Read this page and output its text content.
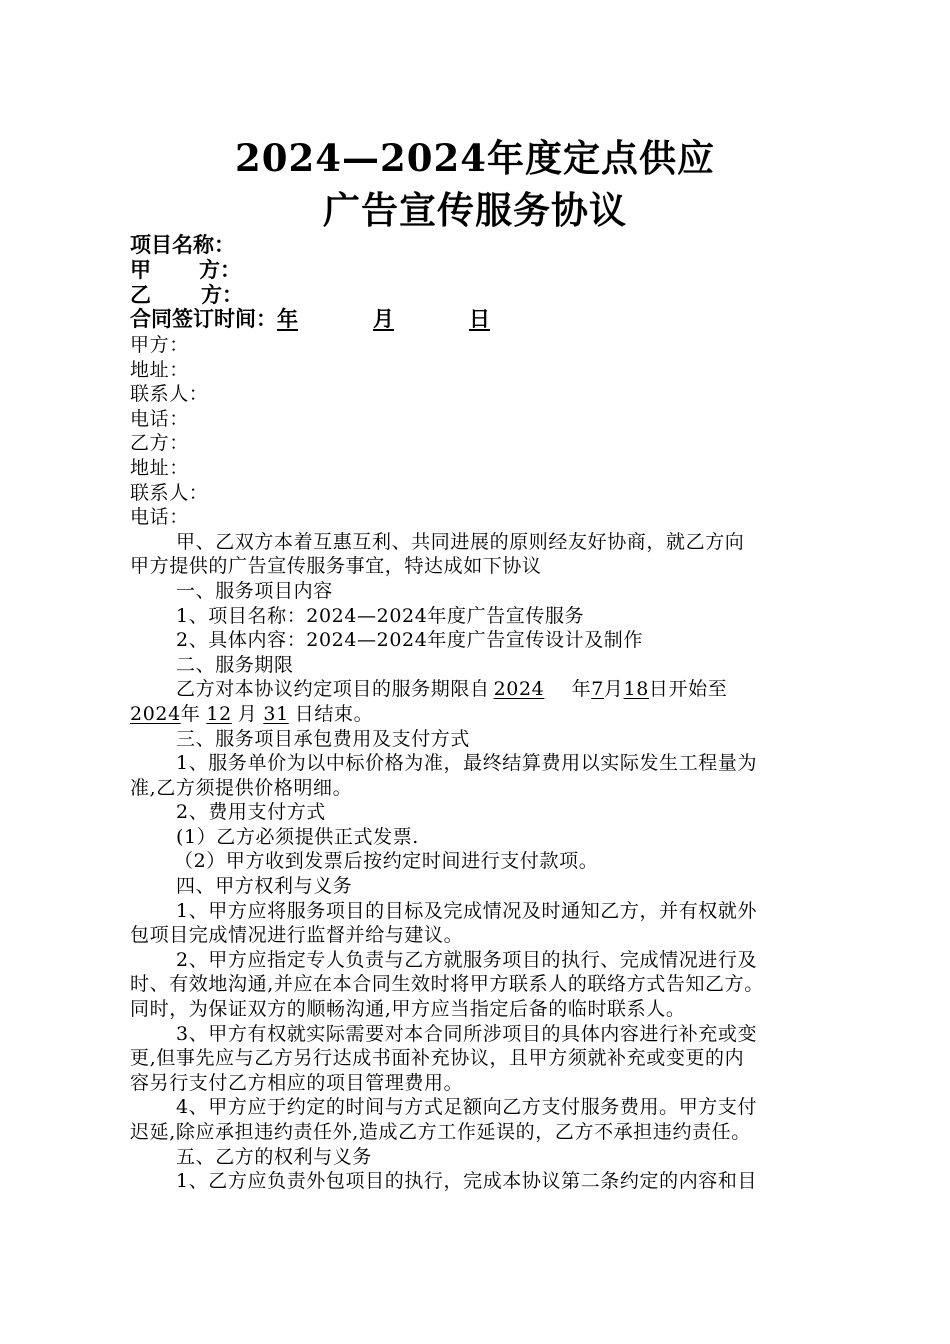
2024—2024年度定点供应
广告宣传服务协议
项目名称：
甲 方：
乙 方：
合同签订时间：年	月	日
甲方：
地址：
联系人：
电话：
乙方：
地址：
联系人：
电话：
甲、乙双方本着互惠互利、共同进展的原则经友好协商，就乙方向
甲方提供的广告宣传服务事宜，特达成如下协议
一、服务项目内容
1、项目名称：2024—2024年度广告宣传服务
2、具体内容：2024—2024年度广告宣传设计及制作
二、服务期限
乙方对本协议约定项目的服务期限自 2024 年7月18日开始至
2024年 12 月 31 日结束。
三、服务项目承包费用及支付方式
1、服务单价为以中标价格为准，最终结算费用以实际发生工程量为
准,乙方须提供价格明细。
2、费用支付方式
(1）乙方必须提供正式发票.
（2）甲方收到发票后按约定时间进行支付款项。
四、甲方权利与义务
1、甲方应将服务项目的目标及完成情况及时通知乙方，并有权就外
包项目完成情况进行监督并给与建议。
2、甲方应指定专人负责与乙方就服务项目的执行、完成情况进行及
时、有效地沟通,并应在本合同生效时将甲方联系人的联络方式告知乙方。
同时，为保证双方的顺畅沟通,甲方应当指定后备的临时联系人。
3、甲方有权就实际需要对本合同所涉项目的具体内容进行补充或变
更,但事先应与乙方另行达成书面补充协议，且甲方须就补充或变更的内
容另行支付乙方相应的项目管理费用。
4、甲方应于约定的时间与方式足额向乙方支付服务费用。甲方支付
迟延,除应承担违约责任外,造成乙方工作延误的，乙方不承担违约责任。
五、乙方的权利与义务
1、乙方应负责外包项目的执行，完成本协议第二条约定的内容和目
